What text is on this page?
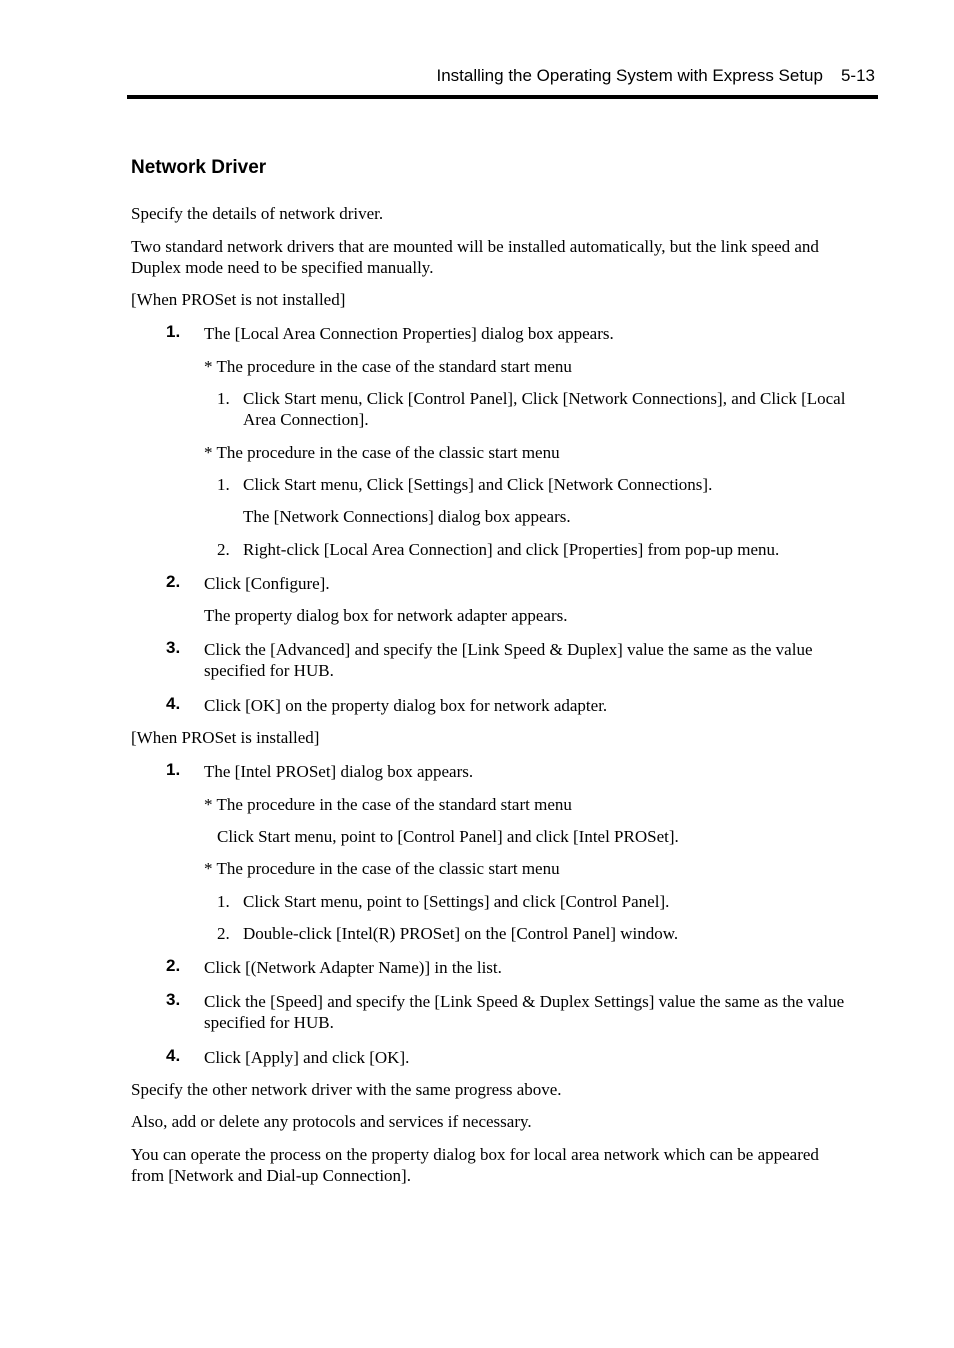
Installing the Operating System with Express Setup 5-13
Network Driver

Specify the details of network driver.

Two standard network drivers that are mounted will be installed automatically, but the link speed and Duplex mode need to be specified manually.

[When PROSet is not installed]

1. The [Local Area Connection Properties] dialog box appears.

* The procedure in the case of the standard start menu

1. Click Start menu, Click [Control Panel], Click [Network Connections], and Click [Local Area Connection].

* The procedure in the case of the classic start menu

1. Click Start menu, Click [Settings] and Click [Network Connections].

The [Network Connections] dialog box appears.

2. Right-click [Local Area Connection] and click [Properties] from pop-up menu.

2. Click [Configure].

The property dialog box for network adapter appears.

3. Click the [Advanced] and specify the [Link Speed & Duplex] value the same as the value specified for HUB.

4. Click [OK] on the property dialog box for network adapter.

[When PROSet is installed]

1. The [Intel PROSet] dialog box appears.

* The procedure in the case of the standard start menu

Click Start menu, point to [Control Panel] and click [Intel PROSet].

* The procedure in the case of the classic start menu

1. Click Start menu, point to [Settings] and click [Control Panel].

2. Double-click [Intel(R) PROSet] on the [Control Panel] window.

2. Click [(Network Adapter Name)] in the list.

3. Click the [Speed] and specify the [Link Speed & Duplex Settings] value the same as the value specified for HUB.

4. Click [Apply] and click [OK].

Specify the other network driver with the same progress above.

Also, add or delete any protocols and services if necessary.

You can operate the process on the property dialog box for local area network which can be appeared from [Network and Dial-up Connection].
